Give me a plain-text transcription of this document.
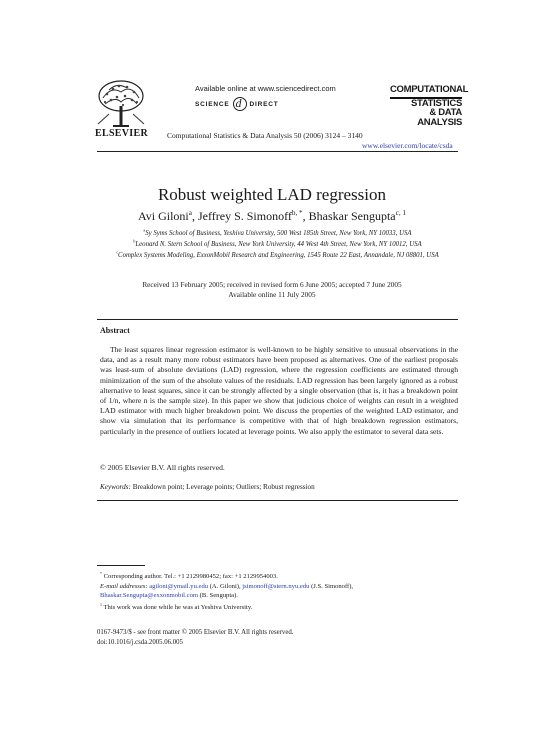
ELSEVIER
Available online at www.sciencedirect.com
SCIENCE
d	DIRECT
Computational Statistics & Data Analysis 50 (2006) 3124 – 3140
COMPUTATIONAL
STATISTICS
& DATA ANALYSIS
www.elsevier.com/locate/csda
Robust weighted LAD regression
Avi Giloni$^a$, Jeffrey S. Simonoff$^{b, *}$, Bhaskar Sengupta$^{c, 1}$
$^a$Sy Syms School of Business, Yeshiva University, 500 West 185th Street, New York, NY 10033, USA
$^b$Leonard N. Stern School of Business, New York University, 44 West 4th Street, New York, NY 10012, USA
$^c$Complex Systems Modeling, ExxonMobil Research and Engineering, 1545 Route 22 East, Annandale, NJ 08801, USA
Received 13 February 2005; received in revised form 6 June 2005; accepted 7 June 2005
Available online 11 July 2005
Abstract
The least squares linear regression estimator is well-known to be highly sensitive to unusual observations in the data, and as a result many more robust estimators have been proposed as alternatives. One of the earliest proposals was least-sum of absolute deviations (LAD) regression, where the regression coefficients are estimated through minimization of the sum of the absolute values of the residuals. LAD regression has been largely ignored as a robust alternative to least squares, since it can be strongly affected by a single observation (that is, it has a breakdown point of 1/n, where n is the sample size). In this paper we show that judicious choice of weights can result in a weighted LAD estimator with much higher breakdown point. We discuss the properties of the weighted LAD estimator, and show via simulation that its performance is competitive with that of high breakdown regression estimators, particularly in the presence of outliers located at leverage points. We also apply the estimator to several data sets.
© 2005 Elsevier B.V. All rights reserved.
Keywords: Breakdown point; Leverage points; Outliers; Robust regression
* Corresponding author. Tel.: +1 2129980452; fax: +1 2129954003.
E-mail addresses: agiloni@ymail.yu.edu (A. Giloni), jsimonoff@stern.nyu.edu (J.S. Simonoff),
Bhaskar.Sengupta@exxonmobil.com (B. Sengupta).
$^1$ This work was done while he was at Yeshiva University.
0167-9473/$ - see front matter © 2005 Elsevier B.V. All rights reserved.
doi:10.1016/j.csda.2005.06.005
